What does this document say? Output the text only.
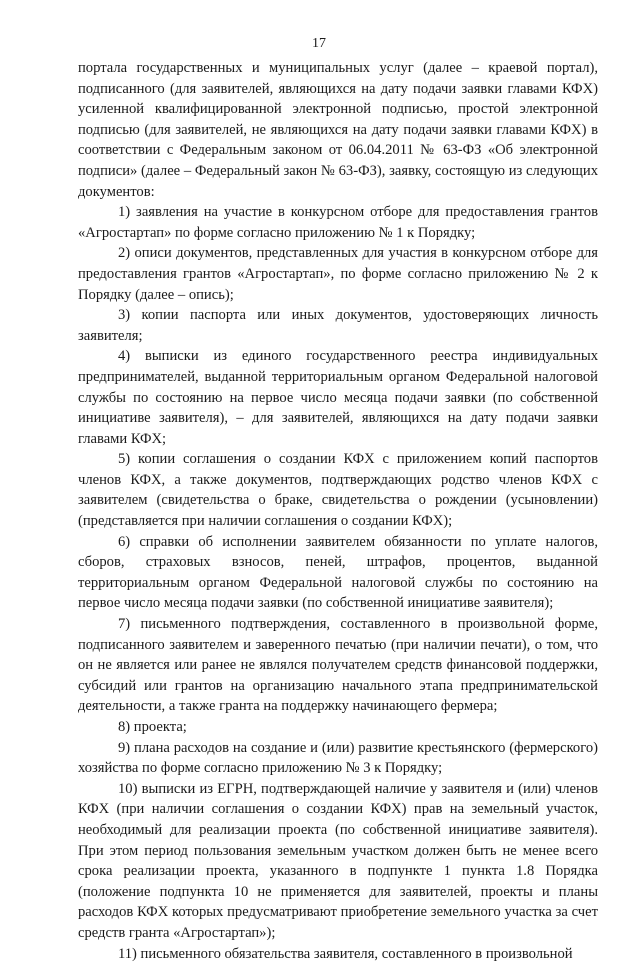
17

портала государственных и муниципальных услуг (далее – краевой портал), подписанного (для заявителей, являющихся на дату подачи заявки главами КФХ) усиленной квалифицированной электронной подписью, простой электронной подписью (для заявителей, не являющихся на дату подачи заявки главами КФХ) в соответствии с Федеральным законом от 06.04.2011 № 63-ФЗ «Об электронной подписи» (далее – Федеральный закон № 63-ФЗ), заявку, состоящую из следующих документов:

1) заявления на участие в конкурсном отборе для предоставления грантов «Агростартап» по форме согласно приложению № 1 к Порядку;

2) описи документов, представленных для участия в конкурсном отборе для предоставления грантов «Агростартап», по форме согласно приложению № 2 к Порядку (далее – опись);

3) копии паспорта или иных документов, удостоверяющих личность заявителя;

4) выписки из единого государственного реестра индивидуальных предпринимателей, выданной территориальным органом Федеральной налоговой службы по состоянию на первое число месяца подачи заявки (по собственной инициативе заявителя), – для заявителей, являющихся на дату подачи заявки главами КФХ;

5) копии соглашения о создании КФХ с приложением копий паспортов членов КФХ, а также документов, подтверждающих родство членов КФХ с заявителем (свидетельства о браке, свидетельства о рождении (усыновлении) (представляется при наличии соглашения о создании КФХ);

6) справки об исполнении заявителем обязанности по уплате налогов, сборов, страховых взносов, пеней, штрафов, процентов, выданной территориальным органом Федеральной налоговой службы по состоянию на первое число месяца подачи заявки (по собственной инициативе заявителя);

7) письменного подтверждения, составленного в произвольной форме, подписанного заявителем и заверенного печатью (при наличии печати), о том, что он не является или ранее не являлся получателем средств финансовой поддержки, субсидий или грантов на организацию начального этапа предпринимательской деятельности, а также гранта на поддержку начинающего фермера;

8) проекта;

9) плана расходов на создание и (или) развитие крестьянского (фермерского) хозяйства по форме согласно приложению № 3 к Порядку;

10) выписки из ЕГРН, подтверждающей наличие у заявителя и (или) членов КФХ (при наличии соглашения о создании КФХ) прав на земельный участок, необходимый для реализации проекта (по собственной инициативе заявителя). При этом период пользования земельным участком должен быть не менее всего срока реализации проекта, указанного в подпункте 1 пункта 1.8 Порядка (положение подпункта 10 не применяется для заявителей, проекты и планы расходов КФХ которых предусматривают приобретение земельного участка за счет средств гранта «Агростартап»);

11) письменного обязательства заявителя, составленного в произвольной
